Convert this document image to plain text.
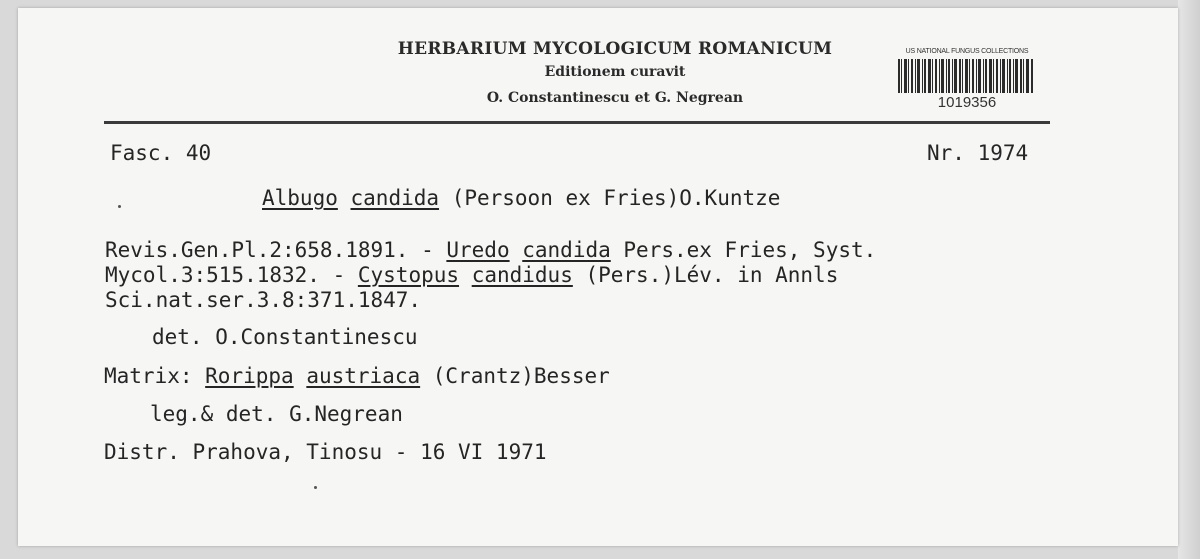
HERBARIUM MYCOLOGICUM ROMANICUM
Editionem curavit
O. Constantinescu et G. Negrean
US NATIONAL FUNGUS COLLECTIONS
1019356
Fasc. 40	Nr. 1974
Albugo candida (Persoon ex Fries)O.Kuntze
Revis.Gen.Pl.2:658.1891. - Uredo candida Pers.ex Fries, Syst.
Mycol.3:515.1832. - Cystopus candidus (Pers.)Lév. in Annls
Sci.nat.ser.3.8:371.1847.
det. O.Constantinescu
Matrix: Rorippa austriaca (Crantz)Besser
leg.& det. G.Negrean
Distr. Prahova, Tinosu - 16 VI 1971
